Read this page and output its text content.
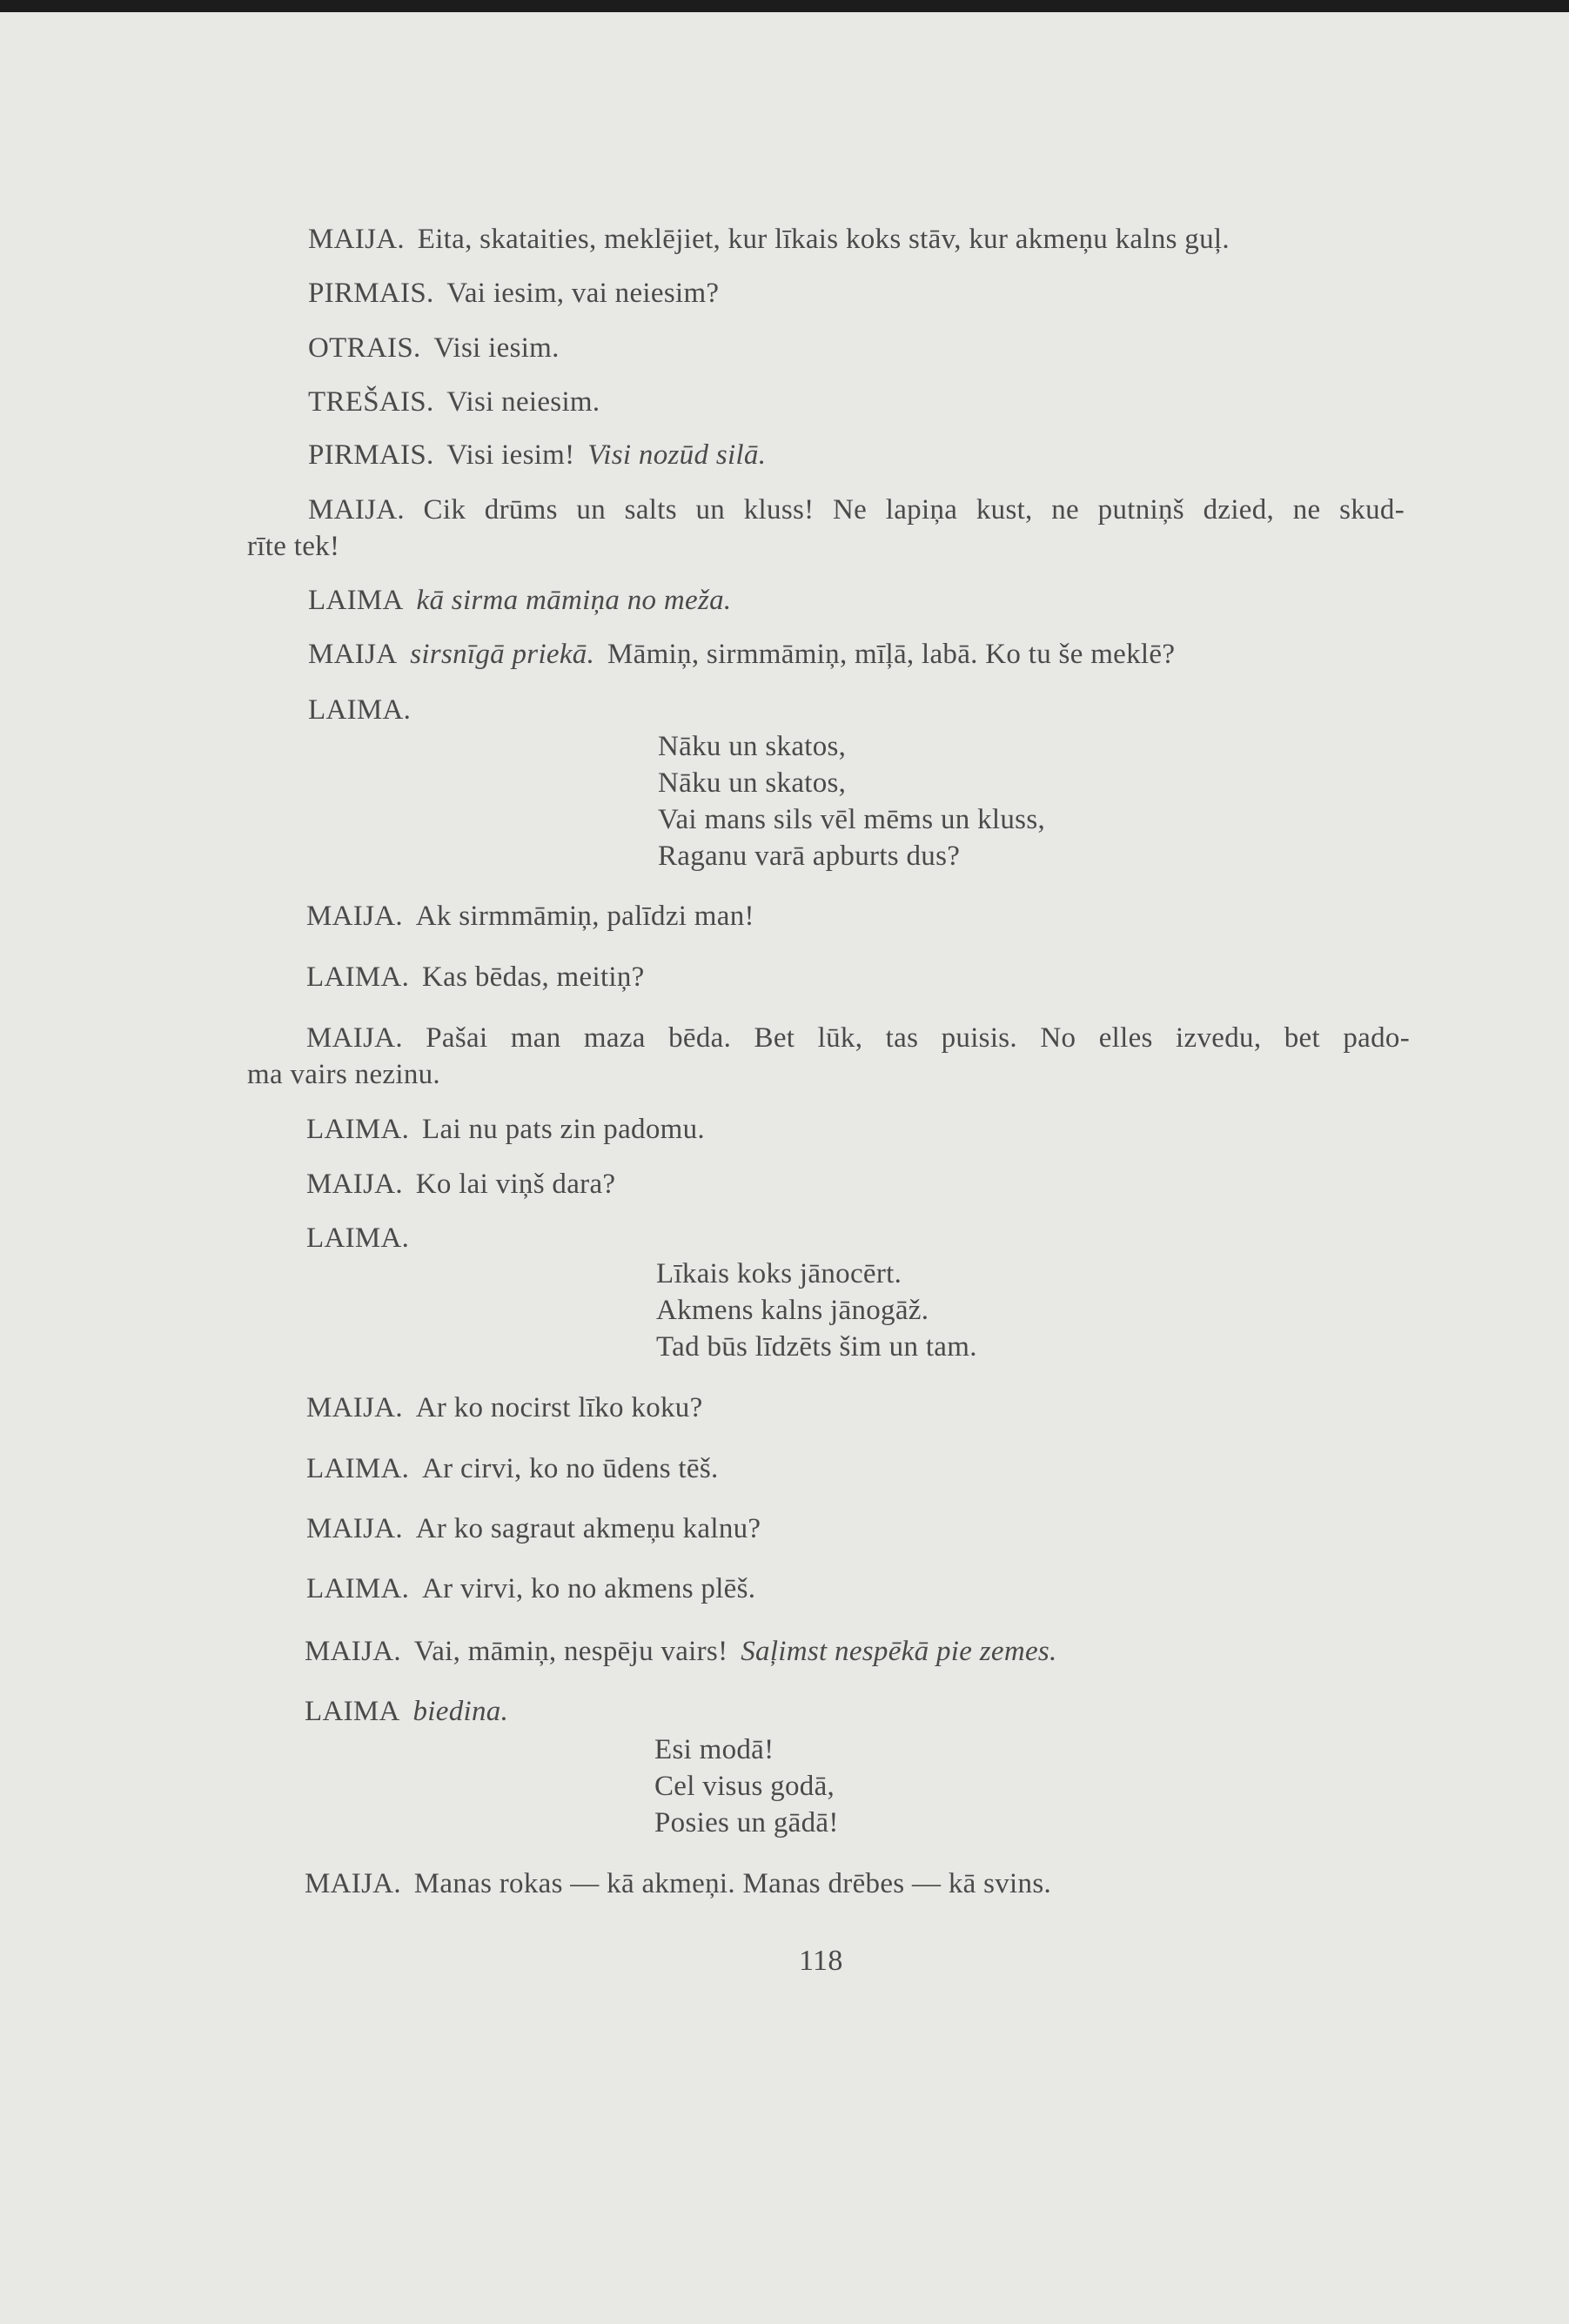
MAIJA. Eita, skataities, meklējiet, kur līkais koks stāv, kur akmeņu kalns guļ.
PIRMAIS. Vai iesim, vai neiesim?
OTRAIS. Visi iesim.
TREŠAIS. Visi neiesim.
PIRMAIS. Visi iesim! Visi nozūd silā.
MAIJA. Cik drūms un salts un kluss! Ne lapiņa kust, ne putniņš dzied, ne skud-
rīte tek!
LAIMA kā sirma māmiņa no meža.
MAIJA sirsnīgā priekā. Māmiņ, sirmmāmiņ, mīļā, labā. Ko tu še meklē?
LAIMA.
Nāku un skatos,
Nāku un skatos,
Vai mans sils vēl mēms un kluss,
Raganu varā apburts dus?
MAIJA. Ak sirmmāmiņ, palīdzi man!
LAIMA. Kas bēdas, meitiņ?
MAIJA. Pašai man maza bēda. Bet lūk, tas puisis. No elles izvedu, bet pado-
ma vairs nezinu.
LAIMA. Lai nu pats zin padomu.
MAIJA. Ko lai viņš dara?
LAIMA.
Līkais koks jānocērt.
Akmens kalns jānogāž.
Tad būs līdzēts šim un tam.
MAIJA. Ar ko nocirst līko koku?
LAIMA. Ar cirvi, ko no ūdens tēš.
MAIJA. Ar ko sagraut akmeņu kalnu?
LAIMA. Ar virvi, ko no akmens plēš.
MAIJA. Vai, māmiņ, nespēju vairs! Saļimst nespēkā pie zemes.
LAIMA biedina.
Esi modā!
Cel visus godā,
Posies un gādā!
MAIJA. Manas rokas — kā akmeņi. Manas drēbes — kā svins.
118
